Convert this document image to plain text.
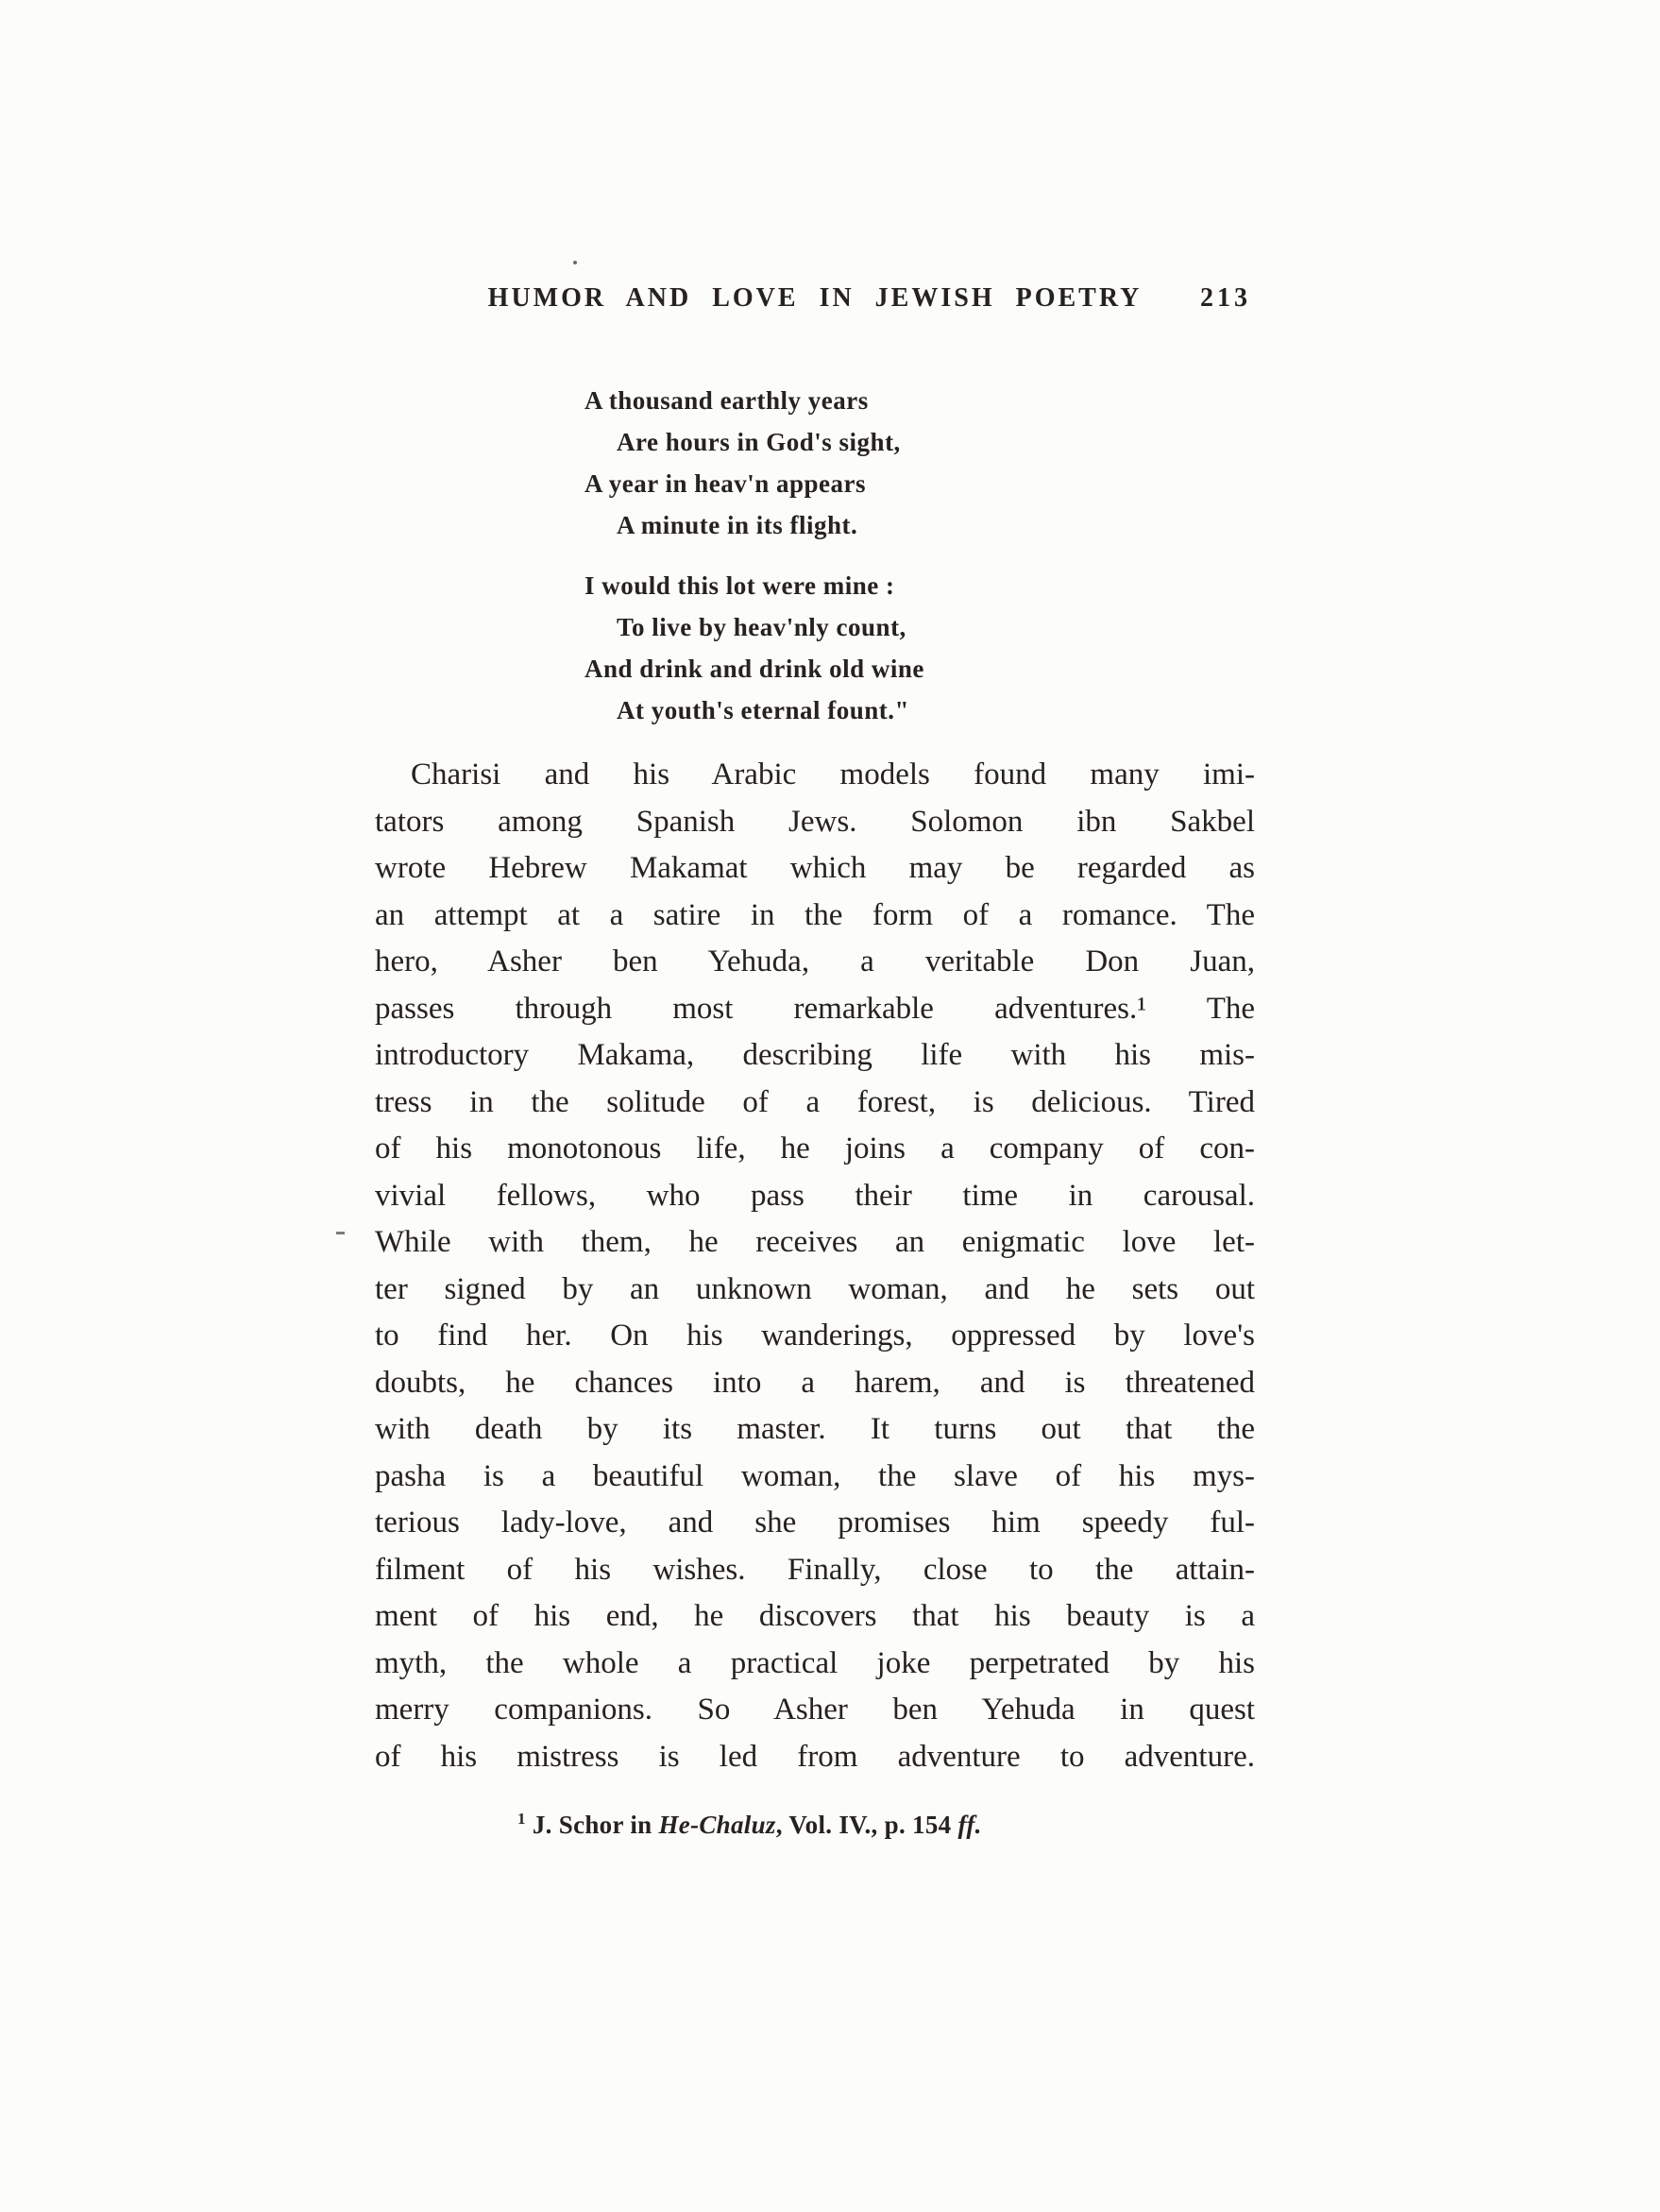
HUMOR AND LOVE IN JEWISH POETRY 213
A thousand earthly years
Are hours in God's sight,
A year in heav'n appears
A minute in its flight.
I would this lot were mine :
To live by heav'nly count,
And drink and drink old wine
At youth's eternal fount."
Charisi and his Arabic models found many imi-
tators among Spanish Jews. Solomon ibn Sakbel
wrote Hebrew Makamat which may be regarded as
an attempt at a satire in the form of a romance. The
hero, Asher ben Yehuda, a veritable Don Juan,
passes through most remarkable adventures.¹ The
introductory Makama, describing life with his mis-
tress in the solitude of a forest, is delicious. Tired
of his monotonous life, he joins a company of con-
vivial fellows, who pass their time in carousal.
While with them, he receives an enigmatic love let-
ter signed by an unknown woman, and he sets out
to find her. On his wanderings, oppressed by love's
doubts, he chances into a harem, and is threatened
with death by its master. It turns out that the
pasha is a beautiful woman, the slave of his mys-
terious lady-love, and she promises him speedy ful-
filment of his wishes. Finally, close to the attain-
ment of his end, he discovers that his beauty is a
myth, the whole a practical joke perpetrated by his
merry companions. So Asher ben Yehuda in quest
of his mistress is led from adventure to adventure.
$^1$ J. Schor in He-Chaluz, Vol. IV., p. 154 ff.
